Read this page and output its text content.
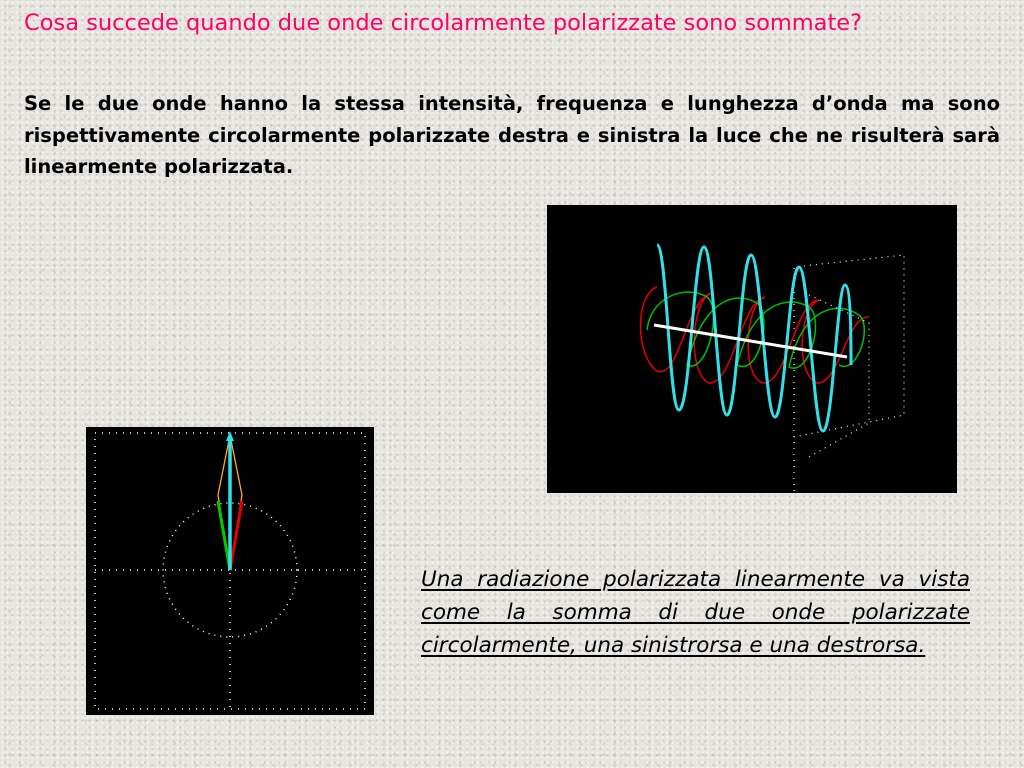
Cosa succede quando due onde circolarmente polarizzate sono sommate?

Se le due onde hanno la stessa intensità, frequenza e lunghezza d’onda ma sono rispettivamente circolarmente polarizzate destra e sinistra la luce che ne risulterà sarà linearmente polarizzata.

Una radiazione polarizzata linearmente va vista come la somma di due onde polarizzate circolarmente, una sinistrorsa e una destrorsa.
